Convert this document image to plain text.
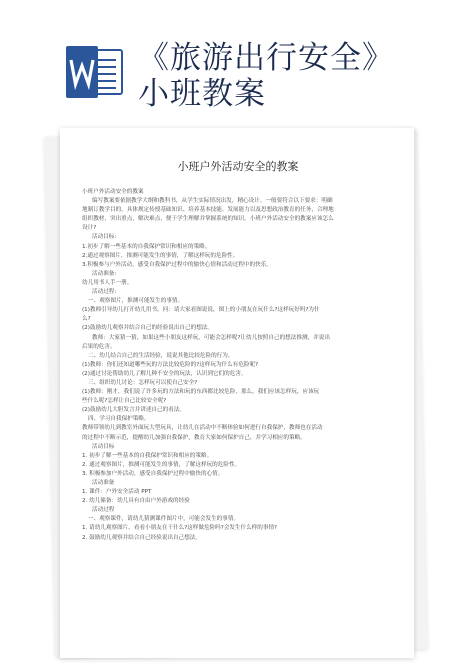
《旅游出行安全》
小班教案
小班户外活动安全的教案
小班户外活动安全的教案
编写教案要依据教学大纲和教科书，从学生实际情况出发，精心设计。一般要符合以下要求：明确
地制订教学目的，具体规定传授基础知识、培养基本技能、发展能力以及思想政治教育的任务，合理地
组织教材，突出重点，解决难点，便于学生理解并掌握系统的知识。小班户外活动安全的教案应该怎么
设计?
活动目标:
1.初步了解一些基本的自我保护常识和相应的策略。
2.通过观察图片，推测可能发生的事情，了解这样玩的危险性。
3.积极参与户外活动，感受自我保护过程中的愉快心情和活动过程中的快乐。
活动准备:
幼儿用书人手一册。
活动过程:
一、观察图片，推测可能发生的事情。
(1)教师引导幼儿打开幼儿用书，问：请大家看图说说，图上的小朋友在玩什么?这样玩好吗?为什
么?
(2)鼓励幼儿观察并结合自己的经验说出自己的想法。
教师：大家猜一猜，如果这些小朋友这样玩，可能会怎样呢?让幼儿按照自己的想法推测，并说出
后果的危害。
二、幼儿结合自己的生活经验，说说其他比较危险的行为。
(1)教师：你们还知道哪些玩的方法比较危险的?这样玩为什么有危险呢?
(2)通过讨论帮助幼儿了解几种不安全的玩法，认识到它们的危害。
三、组织幼儿讨论：怎样玩可以使自己安全?
(1)教师：刚才，我们说了许多玩的方法和玩的东西都比较危险，那么，我们应该怎样玩，应该玩
些什么呢?怎样让自己比较安全呢?
(2)鼓励幼儿大胆发言并讲述自己的看法。
四、学习自我保护策略。
教师带领幼儿到教室外面玩大型玩具，让幼儿在活动中不断体验如何进行自我保护，教师也在活动
的过程中不断示范，提醒幼儿加强自我保护，教育大家如何保护自己，并学习相应的策略。
活动目标
1. 初步了解一些基本的自我保护常识和相应的策略。
2. 通过观察图片，推测可能发生的事情，了解这样玩的危险性。
3. 积极参加户外活动，感受自我保护过程中愉快的心情。
活动准备
1. 课件：户外安全活动 PPT
2. 幼儿储备：幼儿具有自由户外游戏的经验
活动过程
一、观察课件，请幼儿猜测课件图片中，可能会发生的事情。
1. 请幼儿观察图片，看看小朋友在干什么?这样做危险吗?会发生什么样的事情?
2. 鼓励幼儿观察并结合自己经验说出自己想法。
